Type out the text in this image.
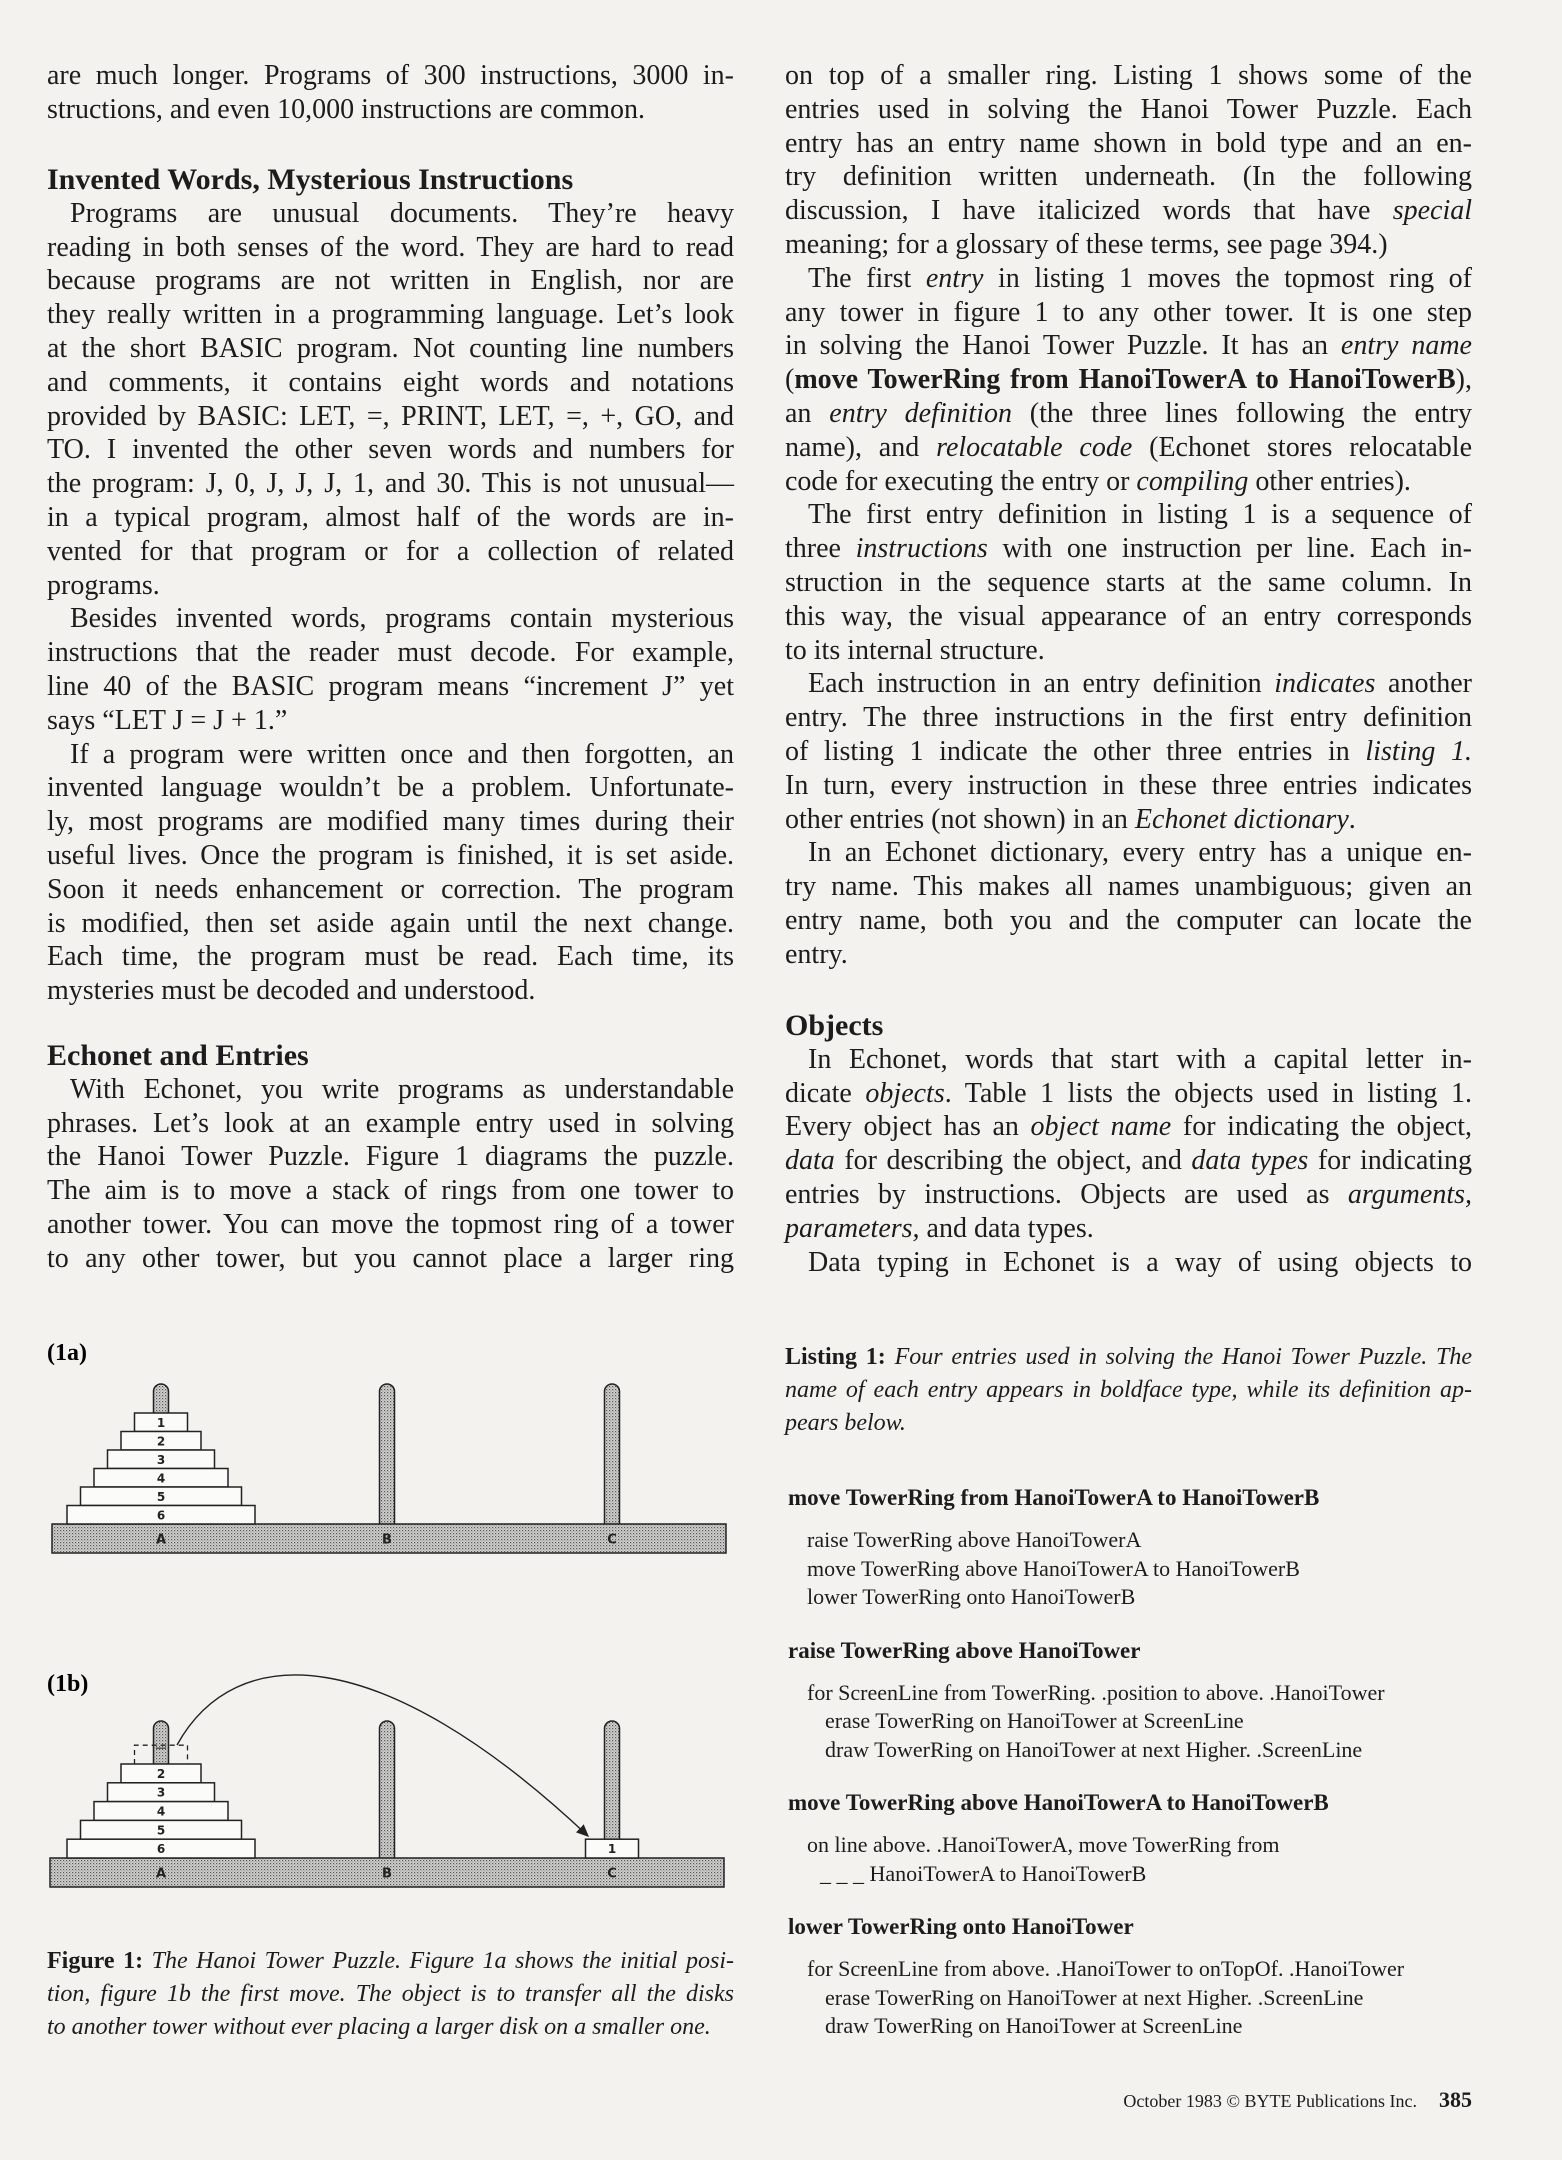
are much longer. Programs of 300 instructions, 3000 in-
structions, and even 10,000 instructions are common.
Invented Words, Mysterious Instructions
Programs are unusual documents. They’re heavy
reading in both senses of the word. They are hard to read
because programs are not written in English, nor are
they really written in a programming language. Let’s look
at the short BASIC program. Not counting line numbers
and comments, it contains eight words and notations
provided by BASIC: LET, =, PRINT, LET, =, +, GO, and
TO. I invented the other seven words and numbers for
the program: J, 0, J, J, J, 1, and 30. This is not unusual—
in a typical program, almost half of the words are in-
vented for that program or for a collection of related
programs.
Besides invented words, programs contain mysterious
instructions that the reader must decode. For example,
line 40 of the BASIC program means “increment J” yet
says “LET J = J + 1.”
If a program were written once and then forgotten, an
invented language wouldn’t be a problem. Unfortunate-
ly, most programs are modified many times during their
useful lives. Once the program is finished, it is set aside.
Soon it needs enhancement or correction. The program
is modified, then set aside again until the next change.
Each time, the program must be read. Each time, its
mysteries must be decoded and understood.
Echonet and Entries
With Echonet, you write programs as understandable
phrases. Let’s look at an example entry used in solving
the Hanoi Tower Puzzle. Figure 1 diagrams the puzzle.
The aim is to move a stack of rings from one tower to
another tower. You can move the topmost ring of a tower
to any other tower, but you cannot place a larger ring
on top of a smaller ring. Listing 1 shows some of the
entries used in solving the Hanoi Tower Puzzle. Each
entry has an entry name shown in bold type and an en-
try definition written underneath. (In the following
discussion, I have italicized words that have special
meaning; for a glossary of these terms, see page 394.)
The first entry in listing 1 moves the topmost ring of
any tower in figure 1 to any other tower. It is one step
in solving the Hanoi Tower Puzzle. It has an entry name
(move TowerRing from HanoiTowerA to HanoiTowerB),
an entry definition (the three lines following the entry
name), and relocatable code (Echonet stores relocatable
code for executing the entry or compiling other entries).
The first entry definition in listing 1 is a sequence of
three instructions with one instruction per line. Each in-
struction in the sequence starts at the same column. In
this way, the visual appearance of an entry corresponds
to its internal structure.
Each instruction in an entry definition indicates another
entry. The three instructions in the first entry definition
of listing 1 indicate the other three entries in listing 1.
In turn, every instruction in these three entries indicates
other entries (not shown) in an Echonet dictionary.
In an Echonet dictionary, every entry has a unique en-
try name. This makes all names unambiguous; given an
entry name, both you and the computer can locate the
entry.
Objects
In Echonet, words that start with a capital letter in-
dicate objects. Table 1 lists the objects used in listing 1.
Every object has an object name for indicating the object,
data for describing the object, and data types for indicating
entries by instructions. Objects are used as arguments,
parameters, and data types.
Data typing in Echonet is a way of using objects to
(1a)
A
1
2
3
4
5
6
B	C
(1b)
A
2
3
4
5
6
B	C
1
Figure 1: The Hanoi Tower Puzzle. Figure 1a shows the initial posi-
tion, figure 1b the first move. The object is to transfer all the disks
to another tower without ever placing a larger disk on a smaller one.
Listing 1: Four entries used in solving the Hanoi Tower Puzzle. The
name of each entry appears in boldface type, while its definition ap-
pears below.
move TowerRing from HanoiTowerA to HanoiTowerB
raise TowerRing above HanoiTowerA
move TowerRing above HanoiTowerA to HanoiTowerB
lower TowerRing onto HanoiTowerB
raise TowerRing above HanoiTower
for ScreenLine from TowerRing. .position to above. .HanoiTower
erase TowerRing on HanoiTower at ScreenLine
draw TowerRing on HanoiTower at next Higher. .ScreenLine
move TowerRing above HanoiTowerA to HanoiTowerB
on line above. .HanoiTowerA, move TowerRing from
_ _ _ HanoiTowerA to HanoiTowerB
lower TowerRing onto HanoiTower
for ScreenLine from above. .HanoiTower to onTopOf. .HanoiTower
erase TowerRing on HanoiTower at next Higher. .ScreenLine
draw TowerRing on HanoiTower at ScreenLine
October 1983 © BYTE Publications Inc. 385
